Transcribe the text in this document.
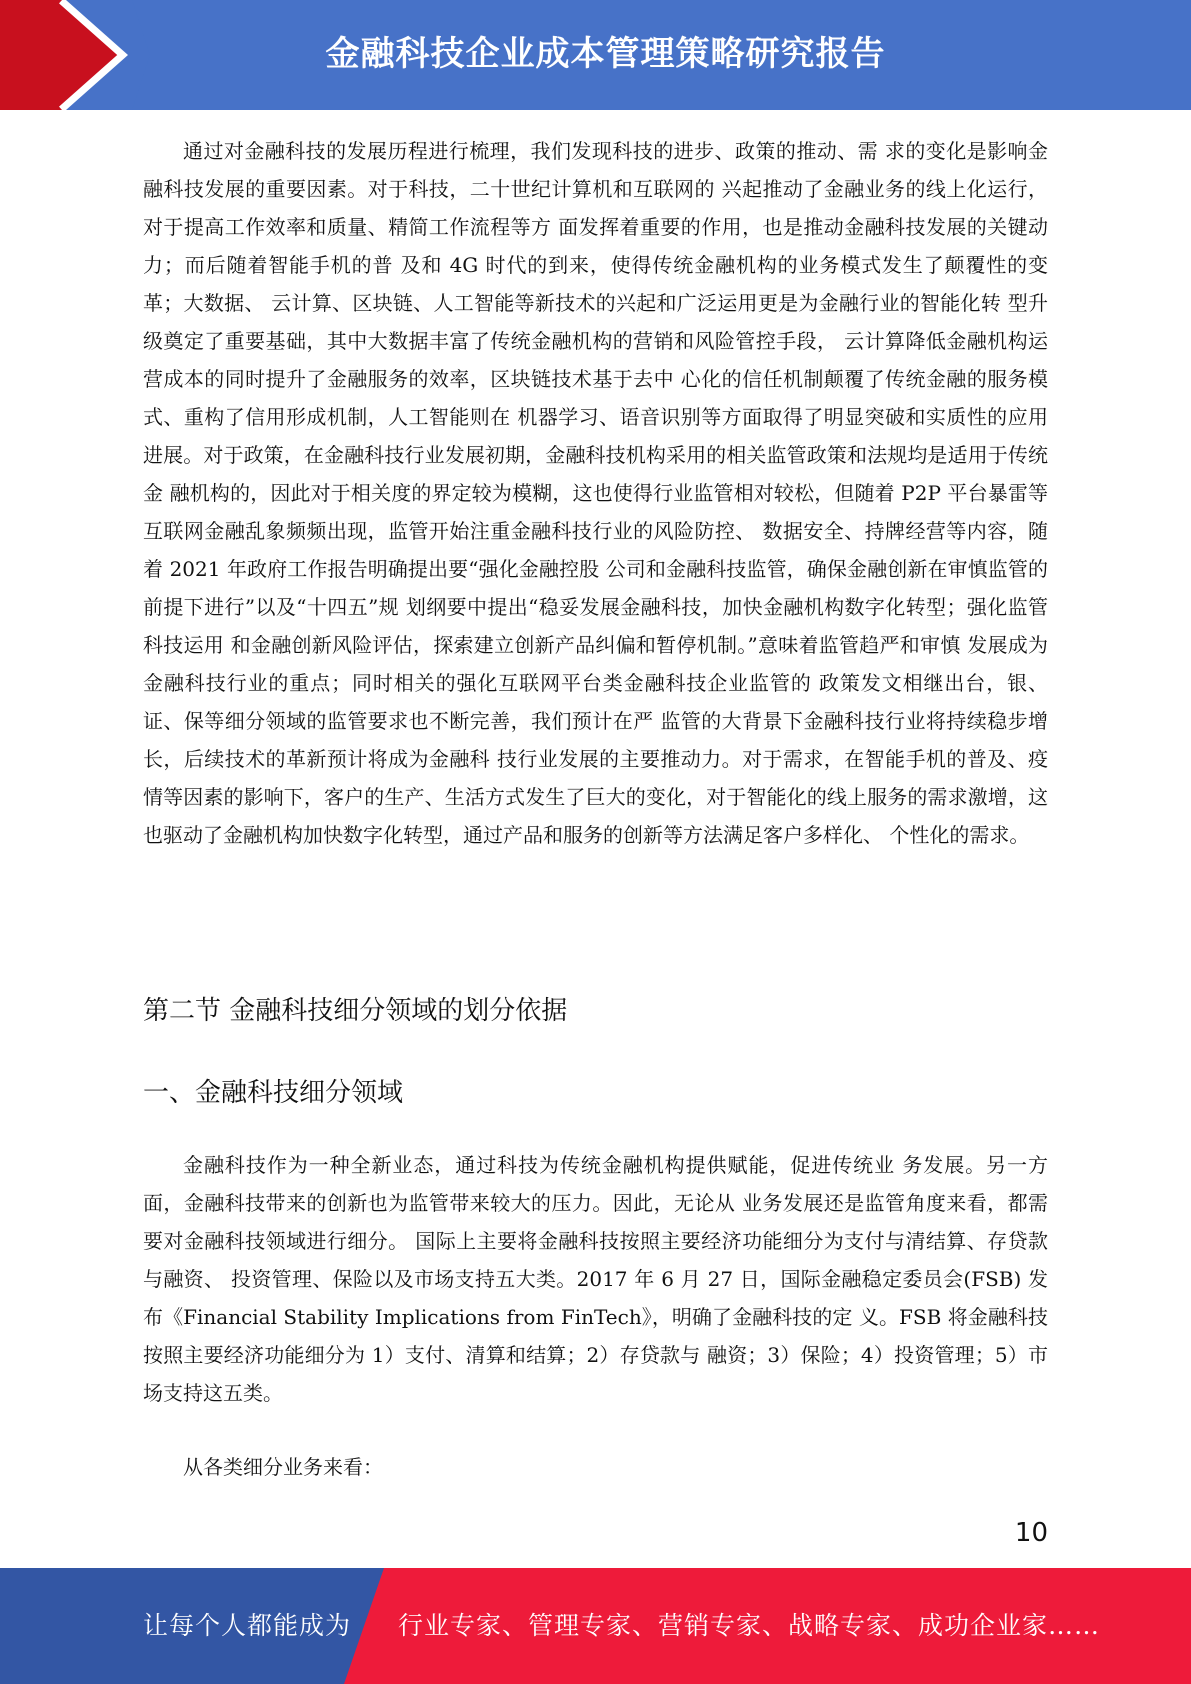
金融科技企业成本管理策略研究报告

通过对金融科技的发展历程进行梳理，我们发现科技的进步、政策的推动、需 求的变化是影响金融科技发展的重要因素。对于科技，二十世纪计算机和互联网的 兴起推动了金融业务的线上化运行，对于提高工作效率和质量、精简工作流程等方 面发挥着重要的作用，也是推动金融科技发展的关键动力；而后随着智能手机的普 及和 4G 时代的到来，使得传统金融机构的业务模式发生了颠覆性的变革；大数据、 云计算、区块链、人工智能等新技术的兴起和广泛运用更是为金融行业的智能化转 型升级奠定了重要基础，其中大数据丰富了传统金融机构的营销和风险管控手段， 云计算降低金融机构运营成本的同时提升了金融服务的效率，区块链技术基于去中 心化的信任机制颠覆了传统金融的服务模式、重构了信用形成机制，人工智能则在 机器学习、语音识别等方面取得了明显突破和实质性的应用进展。对于政策，在金融科技行业发展初期，金融科技机构采用的相关监管政策和法规均是适用于传统金 融机构的，因此对于相关度的界定较为模糊，这也使得行业监管相对较松，但随着 P2P 平台暴雷等互联网金融乱象频频出现，监管开始注重金融科技行业的风险防控、 数据安全、持牌经营等内容，随着 2021 年政府工作报告明确提出要“强化金融控股 公司和金融科技监管，确保金融创新在审慎监管的前提下进行”以及“十四五”规 划纲要中提出“稳妥发展金融科技，加快金融机构数字化转型；强化监管科技运用 和金融创新风险评估，探索建立创新产品纠偏和暂停机制。”意味着监管趋严和审慎 发展成为金融科技行业的重点；同时相关的强化互联网平台类金融科技企业监管的 政策发文相继出台，银、证、保等细分领域的监管要求也不断完善，我们预计在严 监管的大背景下金融科技行业将持续稳步增长，后续技术的革新预计将成为金融科 技行业发展的主要推动力。对于需求，在智能手机的普及、疫情等因素的影响下，客户的生产、生活方式发生了巨大的变化，对于智能化的线上服务的需求激增，这 也驱动了金融机构加快数字化转型，通过产品和服务的创新等方法满足客户多样化、 个性化的需求。

第二节 金融科技细分领域的划分依据
一、金融科技细分领域

金融科技作为一种全新业态，通过科技为传统金融机构提供赋能，促进传统业 务发展。另一方面，金融科技带来的创新也为监管带来较大的压力。因此，无论从 业务发展还是监管角度来看，都需要对金融科技领域进行细分。 国际上主要将金融科技按照主要经济功能细分为支付与清结算、存贷款与融资、 投资管理、保险以及市场支持五大类。2017 年 6 月 27 日，国际金融稳定委员会(FSB) 发布《Financial Stability Implications from FinTech》，明确了金融科技的定 义。FSB 将金融科技按照主要经济功能细分为 1）支付、清算和结算；2）存贷款与 融资；3）保险；4）投资管理；5）市场支持这五类。

从各类细分业务来看：

10
让每个人都能成为 行业专家、管理专家、营销专家、战略专家、成功企业家……
